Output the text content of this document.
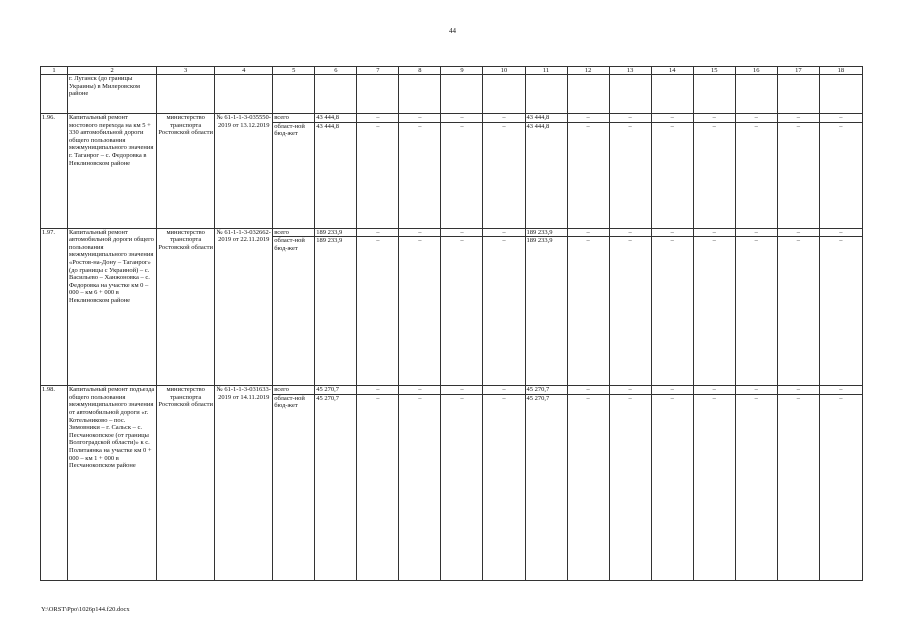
44
1	2	3	4	5	6	7	8	9	10	11	12	13	14	15	16	17	18
	г. Луганск (до границы Украины) в Милеровском районе																
1.96.	Капитальный ремонт мостового перехода на км 5 + 330 автомобильной дороги общего пользования межмуниципального значения г. Таганрог – с. Федоровка в Неклиновском районе	министерство транспорта Ростовской области	№ 61-1-1-3-035550-2019 от 13.12.2019	всего	43 444,8	–	–	–	–	43 444,8	–	–	–	–	–	–	–
				област-ной бюд-жет	43 444,8	–	–	–	–	43 444,8	–	–	–	–	–	–	–
1.97.	Капитальный ремонт автомобильной дороги общего пользования межмуниципального значения «Ростов-на-Дону – Таганрог» (до границы с Украиной) – с. Васильево – Ханжоновка – с. Федоровка на участке км 0 – 000 – км 6 + 000 в Неклиновском районе	министерство транспорта Ростовской области	№ 61-1-1-3-032662-2019 от 22.11.2019	всего	189 233,9	–	–	–	–	189 233,9	–	–	–	–	–	–	–
				област-ной бюд-жет	189 233,9	–	–	–	–	189 233,9	–	–	–	–	–	–	–
1.98.	Капитальный ремонт подъезда общего пользования межмуниципального значения от автомобильной дороги «г. Котельниково – пос. Зимовники – г. Сальск – с. Песчанокопское (от границы Волгоградской области)» к с. Политаянка на участке км 0 + 000 – км 1 + 000 в Песчанокопском районе	министерство транспорта Ростовской области	№ 61-1-1-3-031633-2019 от 14.11.2019	всего	45 270,7	–	–	–	–	45 270,7	–	–	–	–	–	–	–
				област-ной бюд-жет	45 270,7	–	–	–	–	45 270,7	–	–	–	–	–	–	–
Y:\ORST\Ppo\1026p144.f20.docx
